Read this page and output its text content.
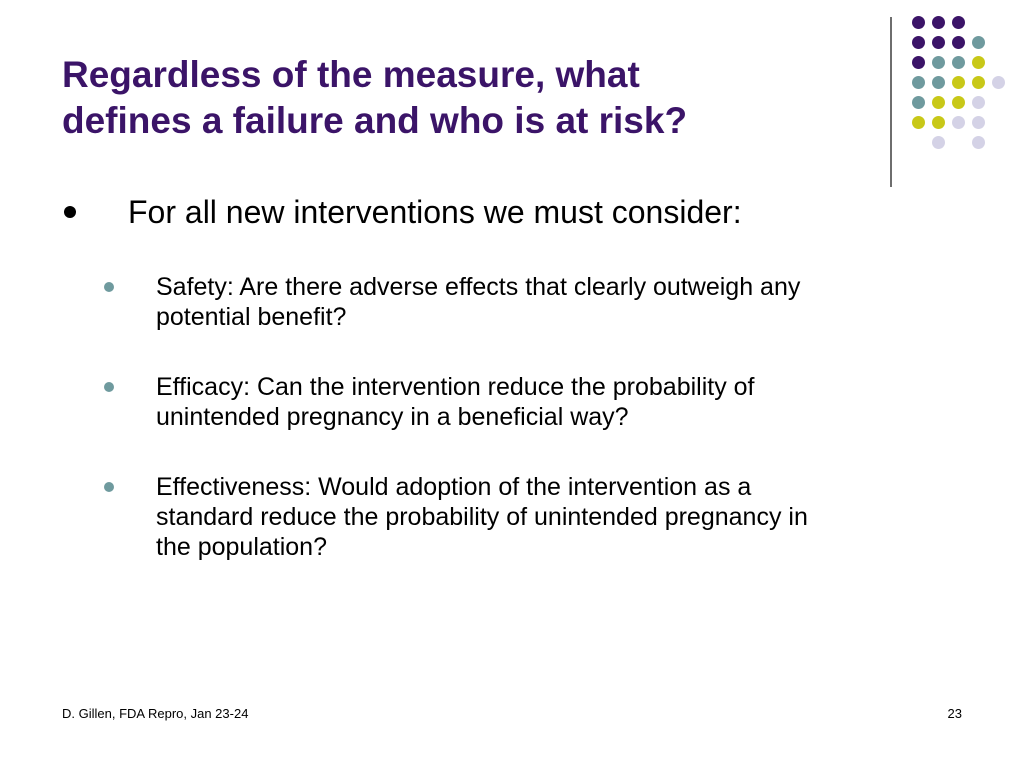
Regardless of the measure, what
defines a failure and who is at risk?
For all new interventions we must consider:
Safety: Are there adverse effects that clearly outweigh any
potential benefit?
Efficacy: Can the intervention reduce the probability of
unintended pregnancy in a beneficial way?
Effectiveness: Would adoption of the intervention as a
standard reduce the probability of unintended pregnancy in
the population?
D. Gillen, FDA Repro, Jan 23-24	23
